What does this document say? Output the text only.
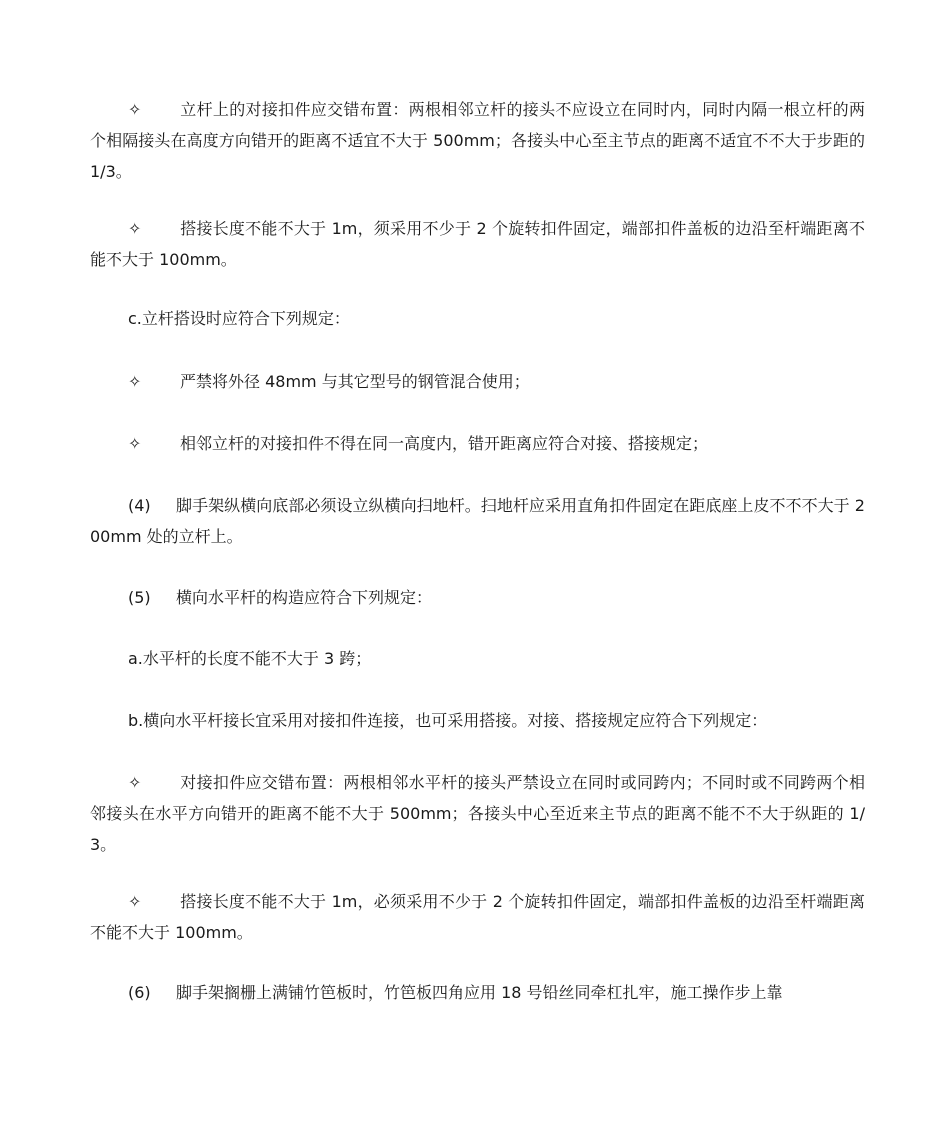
✧ 立杆上的对接扣件应交错布置：两根相邻立杆的接头不应设立在同时内，同时内隔一根立杆的两个相隔接头在高度方向错开的距离不适宜不大于 500mm；各接头中心至主节点的距离不适宜不不大于步距的 1/3。

✧ 搭接长度不能不大于 1m，须采用不少于 2 个旋转扣件固定，端部扣件盖板的边沿至杆端距离不能不大于 100mm。

c.立杆搭设时应符合下列规定：

✧ 严禁将外径 48mm 与其它型号的钢管混合使用；

✧ 相邻立杆的对接扣件不得在同一高度内，错开距离应符合对接、搭接规定；

(4) 脚手架纵横向底部必须设立纵横向扫地杆。扫地杆应采用直角扣件固定在距底座上皮不不不大于 200mm 处的立杆上。

(5) 横向水平杆的构造应符合下列规定：

a.水平杆的长度不能不大于 3 跨；

b.横向水平杆接长宜采用对接扣件连接，也可采用搭接。对接、搭接规定应符合下列规定：

✧ 对接扣件应交错布置：两根相邻水平杆的接头严禁设立在同时或同跨内；不同时或不同跨两个相邻接头在水平方向错开的距离不能不大于 500mm；各接头中心至近来主节点的距离不能不不大于纵距的 1/3。

✧ 搭接长度不能不大于 1m，必须采用不少于 2 个旋转扣件固定，端部扣件盖板的边沿至杆端距离不能不大于 100mm。

(6) 脚手架搁栅上满铺竹笆板时，竹笆板四角应用 18 号铅丝同牵杠扎牢，施工操作步上靠
